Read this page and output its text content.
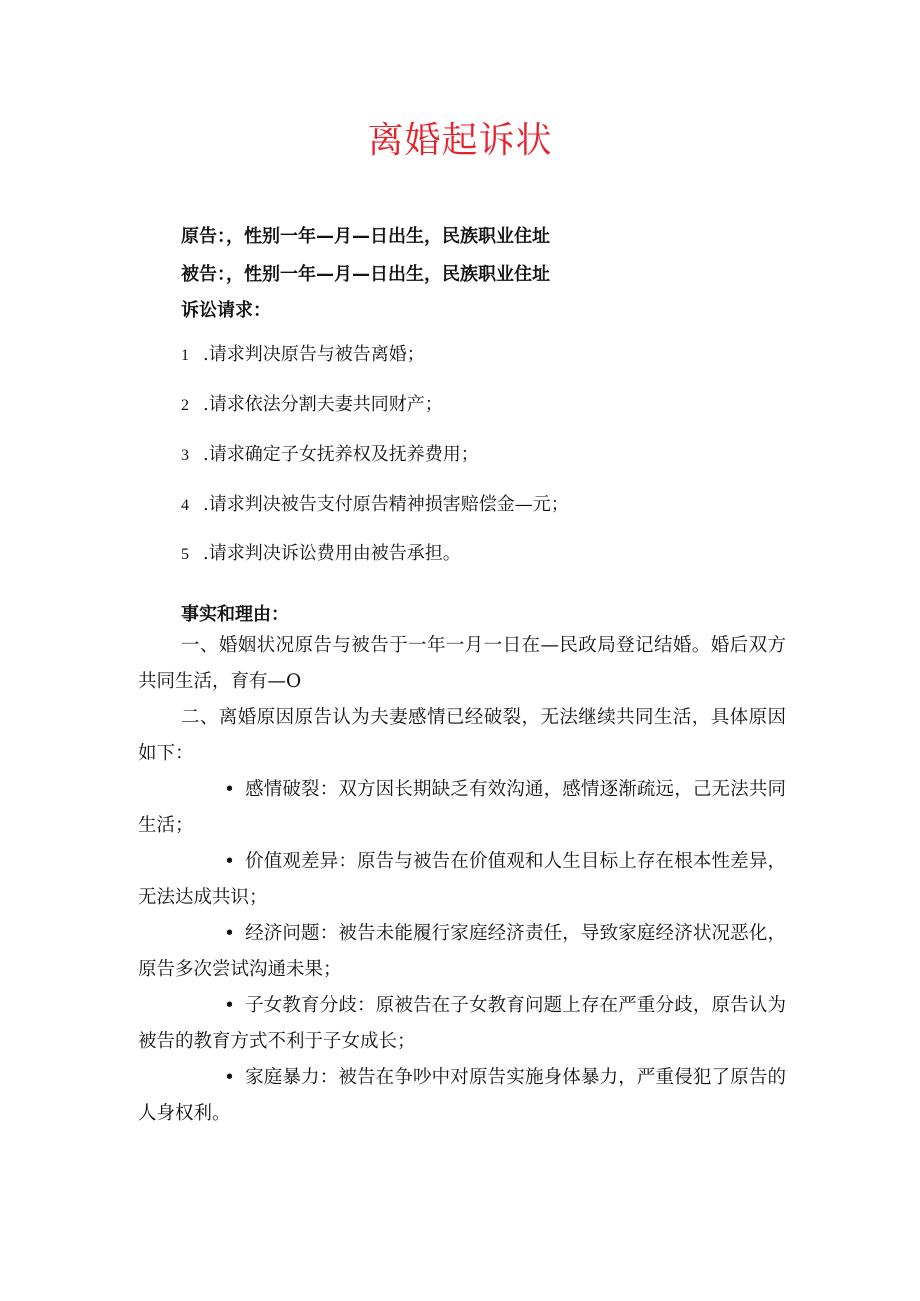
离婚起诉状
原告：，性别一年—月—日出生，民族职业住址
被告：，性别一年—月—日出生，民族职业住址
诉讼请求：
1 .请求判决原告与被告离婚；
2 .请求依法分割夫妻共同财产；
3 .请求确定子女抚养权及抚养费用；
4 .请求判决被告支付原告精神损害赔偿金—元；
5 .请求判决诉讼费用由被告承担。
事实和理由：

一、婚姻状况原告与被告于一年一月一日在—民政局登记结婚。婚后双方共同生活，育有—O

二、离婚原因原告认为夫妻感情已经破裂，无法继续共同生活，具体原因如下：

• 感情破裂：双方因长期缺乏有效沟通，感情逐渐疏远，己无法共同生活；

• 价值观差异：原告与被告在价值观和人生目标上存在根本性差异，无法达成共识；

• 经济问题：被告未能履行家庭经济责任，导致家庭经济状况恶化，原告多次尝试沟通未果；

• 子女教育分歧：原被告在子女教育问题上存在严重分歧，原告认为被告的教育方式不利于子女成长；

• 家庭暴力：被告在争吵中对原告实施身体暴力，严重侵犯了原告的人身权利。
